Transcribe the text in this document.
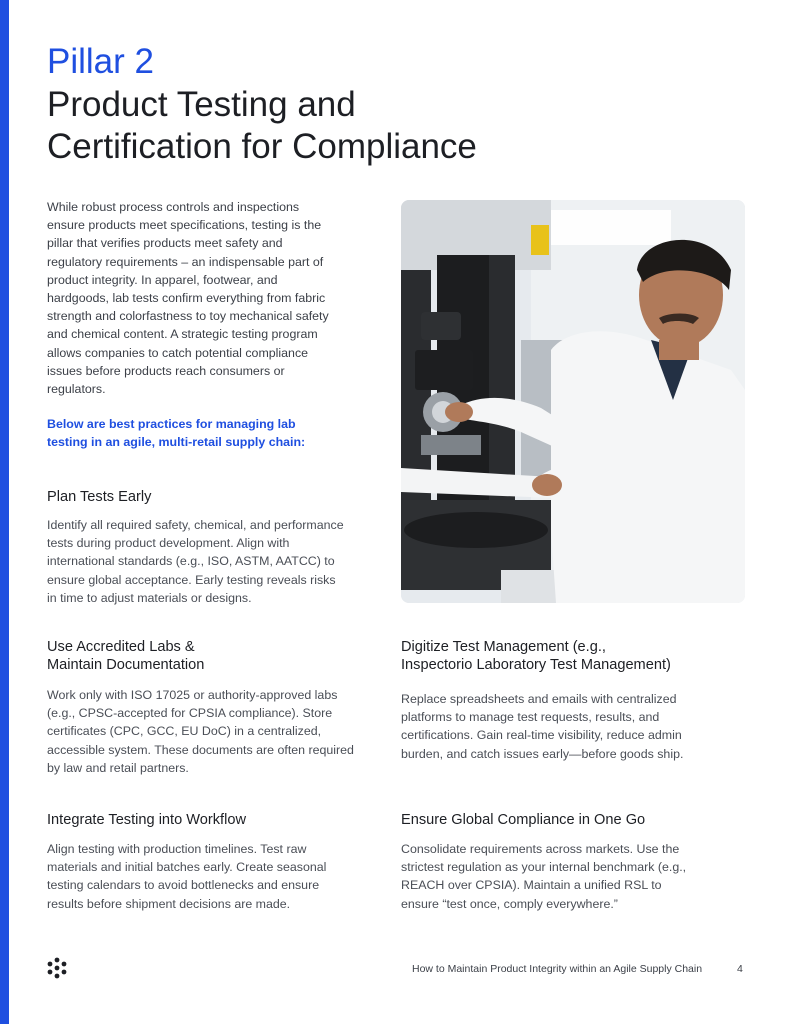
Pillar 2
Product Testing and
Certification for Compliance
While robust process controls and inspections ensure products meet specifications, testing is the pillar that verifies products meet safety and regulatory requirements – an indispensable part of product integrity. In apparel, footwear, and hardgoods, lab tests confirm everything from fabric strength and colorfastness to toy mechanical safety and chemical content. A strategic testing program allows companies to catch potential compliance issues before products reach consumers or regulators.
Below are best practices for managing lab testing in an agile, multi-retail supply chain:
Plan Tests Early
Identify all required safety, chemical, and performance tests during product development. Align with international standards (e.g., ISO, ASTM, AATCC) to ensure global acceptance. Early testing reveals risks in time to adjust materials or designs.
Use Accredited Labs &
Maintain Documentation
Work only with ISO 17025 or authority-approved labs (e.g., CPSC-accepted for CPSIA compliance). Store certificates (CPC, GCC, EU DoC) in a centralized, accessible system. These documents are often required by law and retail partners.
Digitize Test Management (e.g.,
Inspectorio Laboratory Test Management)
Replace spreadsheets and emails with centralized platforms to manage test requests, results, and certifications. Gain real-time visibility, reduce admin burden, and catch issues early—before goods ship.
Integrate Testing into Workflow
Align testing with production timelines. Test raw materials and initial batches early. Create seasonal testing calendars to avoid bottlenecks and ensure results before shipment decisions are made.
Ensure Global Compliance in One Go
Consolidate requirements across markets. Use the strictest regulation as your internal benchmark (e.g., REACH over CPSIA). Maintain a unified RSL to ensure “test once, comply everywhere.”
How to Maintain Product Integrity within an Agile Supply Chain	4
